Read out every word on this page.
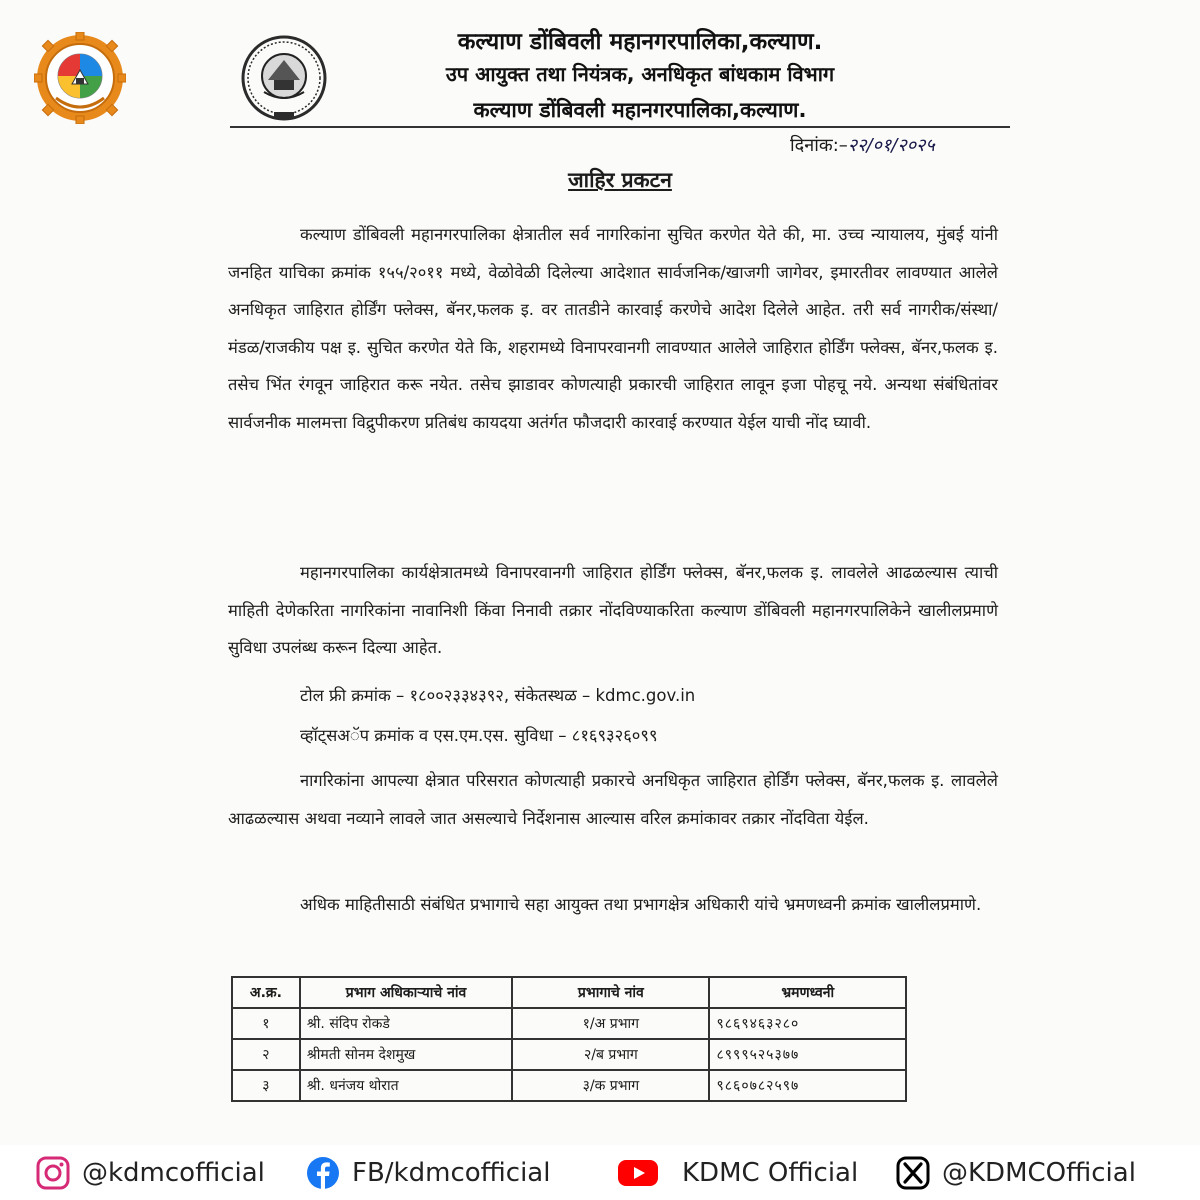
कल्याण डोंबिवली महानगरपालिका,कल्याण.
उप आयुक्त तथा नियंत्रक, अनधिकृत बांधकाम विभाग
कल्याण डोंबिवली महानगरपालिका,कल्याण.
दिनांक:–२२/०१/२०२५
जाहिर प्रकटन

कल्याण डोंबिवली महानगरपालिका क्षेत्रातील सर्व नागरिकांना सुचित करणेत येते की, मा. उच्च न्यायालय, मुंबई यांनी जनहित याचिका क्रमांक १५५/२०११ मध्ये, वेळोवेळी दिलेल्या आदेशात सार्वजनिक/खाजगी जागेवर, इमारतीवर लावण्यात आलेले अनधिकृत जाहिरात होर्डिंग फ्लेक्स, बॅनर,फलक इ. वर तातडीने कारवाई करणेचे आदेश दिलेले आहेत. तरी सर्व नागरीक/संस्था/मंडळ/राजकीय पक्ष इ. सुचित करणेत येते कि, शहरामध्ये विनापरवानगी लावण्यात आलेले जाहिरात होर्डिंग फ्लेक्स, बॅनर,फलक इ. तसेच भिंत रंगवून जाहिरात करू नयेत. तसेच झाडावर कोणत्याही प्रकारची जाहिरात लावून इजा पोहचू नये. अन्यथा संबंधितांवर सार्वजनीक मालमत्ता विद्रुपीकरण प्रतिबंध कायदया अतंर्गत फौजदारी कारवाई करण्यात येईल याची नोंद घ्यावी.

महानगरपालिका कार्यक्षेत्रातमध्ये विनापरवानगी जाहिरात होर्डिंग फ्लेक्स, बॅनर,फलक इ. लावलेले आढळल्यास त्याची माहिती देणेकरिता नागरिकांना नावानिशी किंवा निनावी तक्रार नोंदविण्याकरिता कल्याण डोंबिवली महानगरपालिकेने खालीलप्रमाणे सुविधा उपलंब्ध करून दिल्या आहेत.

टोल फ्री क्रमांक – १८००२३३४३९२, संकेतस्थळ – kdmc.gov.in
व्हॉट्सअॅप क्रमांक व एस.एम.एस. सुविधा – ८१६९३२६०९९

नागरिकांना आपल्या क्षेत्रात परिसरात कोणत्याही प्रकारचे अनधिकृत जाहिरात होर्डिंग फ्लेक्स, बॅनर,फलक इ. लावलेले आढळल्यास अथवा नव्याने लावले जात असल्याचे निर्देशनास आल्यास वरिल क्रमांकावर तक्रार नोंदविता येईल.

अधिक माहितीसाठी संबंधित प्रभागाचे सहा आयुक्त तथा प्रभागक्षेत्र अधिकारी यांचे भ्रमणध्वनी क्रमांक खालीलप्रमाणे.

अ.क्र.	प्रभाग अधिकाऱ्याचे नांव	प्रभागाचे नांव	भ्रमणध्वनी
१	श्री. संदिप रोकडे	१/अ प्रभाग	९८६९४६३२८०
२	श्रीमती सोनम देशमुख	२/ब प्रभाग	८९९९५२५३७७
३	श्री. धनंजय थोरात	३/क प्रभाग	९८६०७८२५९७
@kdmcofficial	FB/kdmcofficial	KDMC Official	@KDMCOfficial
